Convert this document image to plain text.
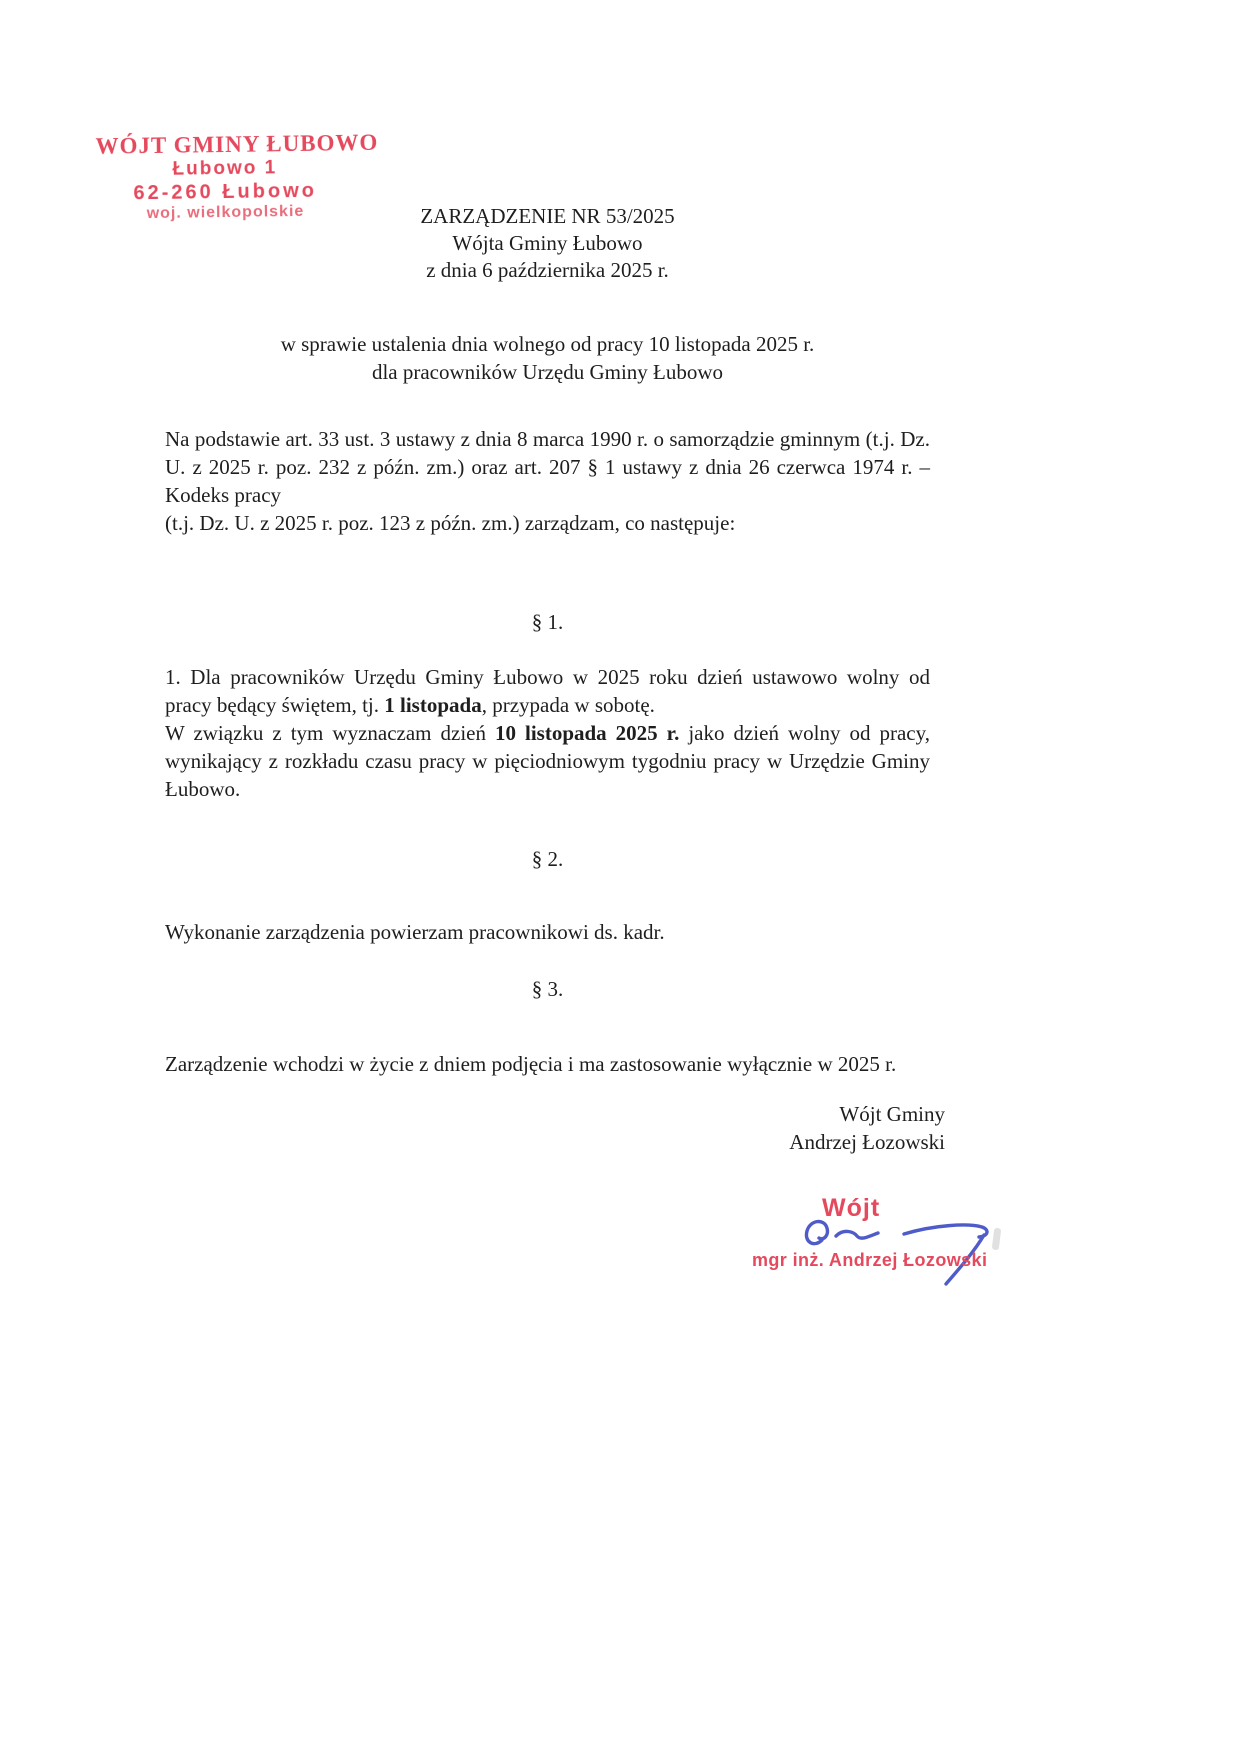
WÓJT GMINY ŁUBOWO
Łubowo 1
62-260 Łubowo
woj. wielkopolskie	ZARZĄDZENIE NR 53/2025
Wójta Gminy Łubowo
z dnia 6 października 2025 r.
w sprawie ustalenia dnia wolnego od pracy 10 listopada 2025 r.
dla pracowników Urzędu Gminy Łubowo
Na podstawie art. 33 ust. 3 ustawy z dnia 8 marca 1990 r. o samorządzie gminnym (t.j. Dz. U. z 2025 r. poz. 232 z późn. zm.) oraz art. 207 § 1 ustawy z dnia 26 czerwca 1974 r. – Kodeks pracy
(t.j. Dz. U. z 2025 r. poz. 123 z późn. zm.) zarządzam, co następuje:
§ 1.
1. Dla pracowników Urzędu Gminy Łubowo w 2025 roku dzień ustawowo wolny od pracy będący świętem, tj. 1 listopada, przypada w sobotę.
W związku z tym wyznaczam dzień 10 listopada 2025 r. jako dzień wolny od pracy, wynikający z rozkładu czasu pracy w pięciodniowym tygodniu pracy w Urzędzie Gminy Łubowo.
§ 2.
Wykonanie zarządzenia powierzam pracownikowi ds. kadr.
§ 3.
Zarządzenie wchodzi w życie z dniem podjęcia i ma zastosowanie wyłącznie w 2025 r.
Wójt Gminy
Andrzej Łozowski
Wójt
mgr inż. Andrzej Łozowski
